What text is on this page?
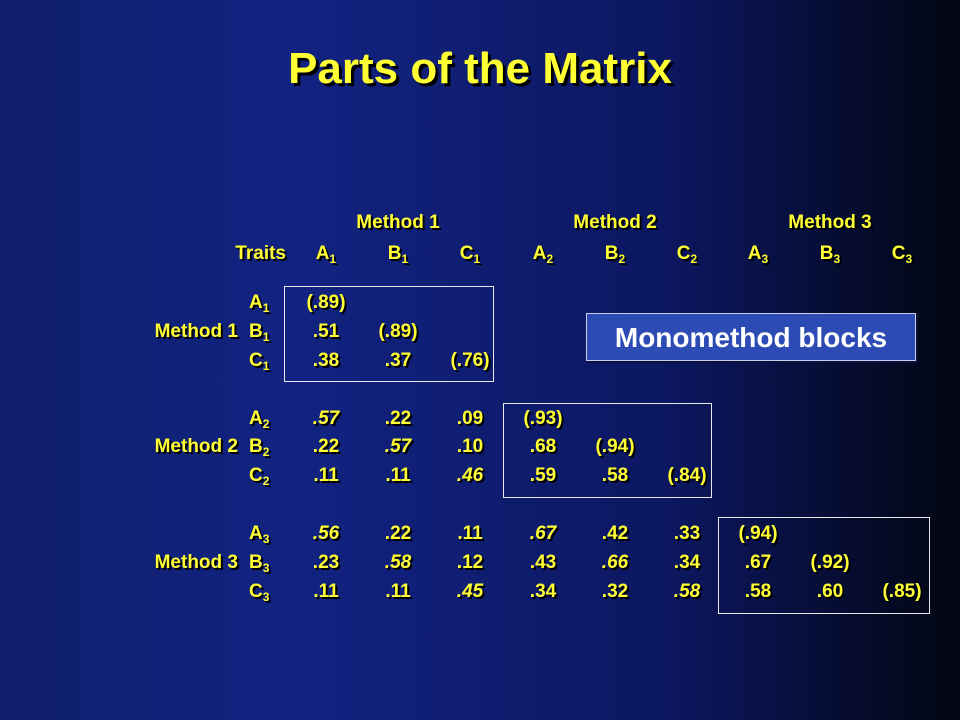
Parts of the Matrix
Method 1	Method 2	Method 3
Traits $A_1$	$B_1$	$C_1$	$A_2$	$B_2$	$C_2$	$A_3$	$B_3$	$C_3$
$A_1$ (.89)
Method 1 $B_1$ .51 (.89)
$C_1$ .38 .37 (.76)
$A_2$ .57 .22 .09 (.93)
Method 2 $B_2$ .22 .57 .10 .68 (.94)
$C_2$ .11 .11 .46 .59 .58 (.84)
$A_3$ .56 .22 .11 .67 .42 .33 (.94)
Method 3 $B_3$ .23 .58 .12 .43 .66 .34 .67 (.92)
$C_3$ .11 .11 .45 .34 .32 .58 .58 .60 (.85)
Monomethod blocks
